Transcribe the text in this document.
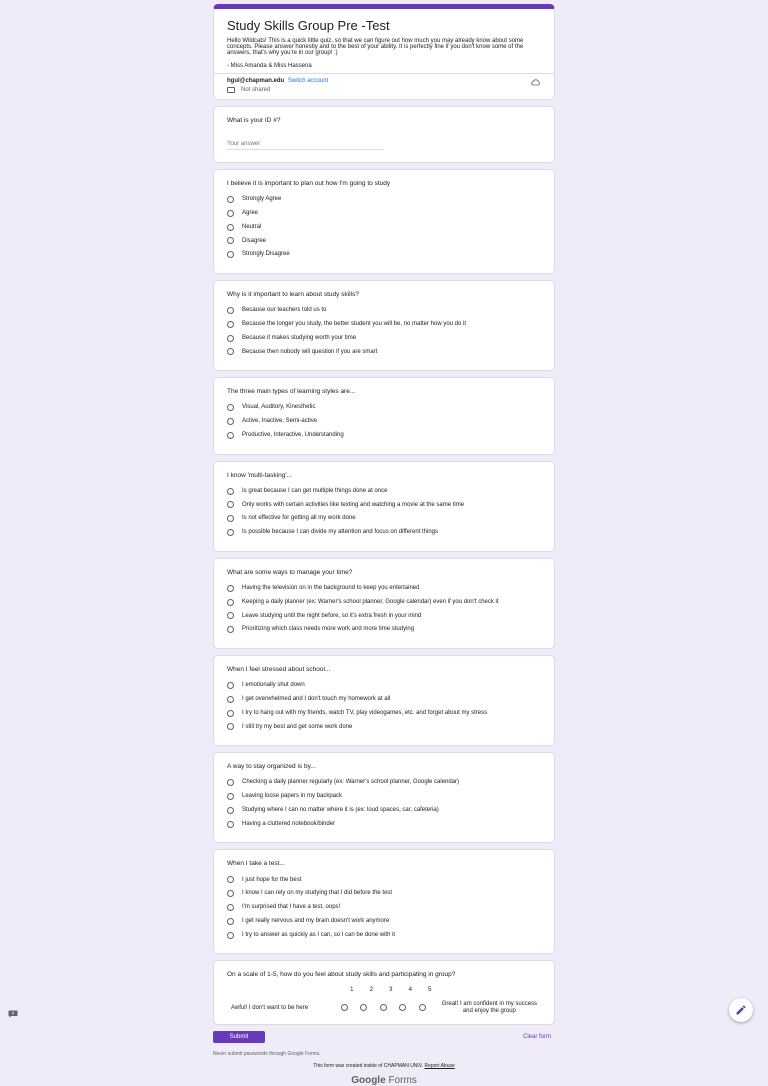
Study Skills Group Pre -Test
Hello Wildcats! This is a quick little quiz, so that we can figure out how much you may already know about some concepts. Please answer honestly and to the best of your ability. It is perfectly fine if you don't know some of the answers, that's why you're in our group! :)

- Miss Amanda & Miss Hassena
hgul@chapman.edu Switch account
Not shared
What is your ID #?
Your answer
I believe it is important to plan out how I'm going to study
Strongly Agree
Agree
Neutral
Disagree
Strongly Disagree
Why is it important to learn about study skills?
Because our teachers told us to
Because the longer you study, the better student you will be, no matter how you do it
Because it makes studying worth your time
Because then nobody will question if you are smart
The three main types of learning styles are...
Visual, Auditory, Kinesthetic
Active, Inactive, Semi-active
Productive, Interactive, Understanding
I know 'multi-tasking'...
Is great because I can get multiple things done at once
Only works with certain activities like texting and watching a movie at the same time
Is not effective for getting all my work done
Is possible because I can divide my attention and focus on different things
What are some ways to manage your time?
Having the television on in the background to keep you entertained
Keeping a daily planner (ex: Warner's school planner, Google calendar) even if you don't check it
Leave studying until the night before, so it's extra fresh in your mind
Prioritizing which class needs more work and more time studying
When I feel stressed about school...
I emotionally shut down
I get overwhelmed and I don't touch my homework at all
I try to hang out with my friends, watch TV, play videogames, etc. and forget about my stress
I still try my best and get some work done
A way to stay organized is by...
Checking a daily planner regularly (ex: Warner's school planner, Google calendar)
Leaving loose papers in my backpack
Studying where I can no matter where it is (ex: loud spaces, car, cafeteria)
Having a cluttered notebook/binder
When I take a test...
I just hope for the best
I know I can rely on my studying that I did before the test
I'm surprised that I have a test, oops!
I get really nervous and my brain doesn't work anymore
I try to answer as quickly as I can, so I can be done with it
On a scale of 1-5, how do you feel about study skills and participating in group?
1	2	3	4	5
Awful! I don't want to be here
Great! I am confident in my success and enjoy the group
Submit	Clear form
Never submit passwords through Google Forms.
This form was created inside of CHAPMAN UNIV. Report Abuse
Google Forms
